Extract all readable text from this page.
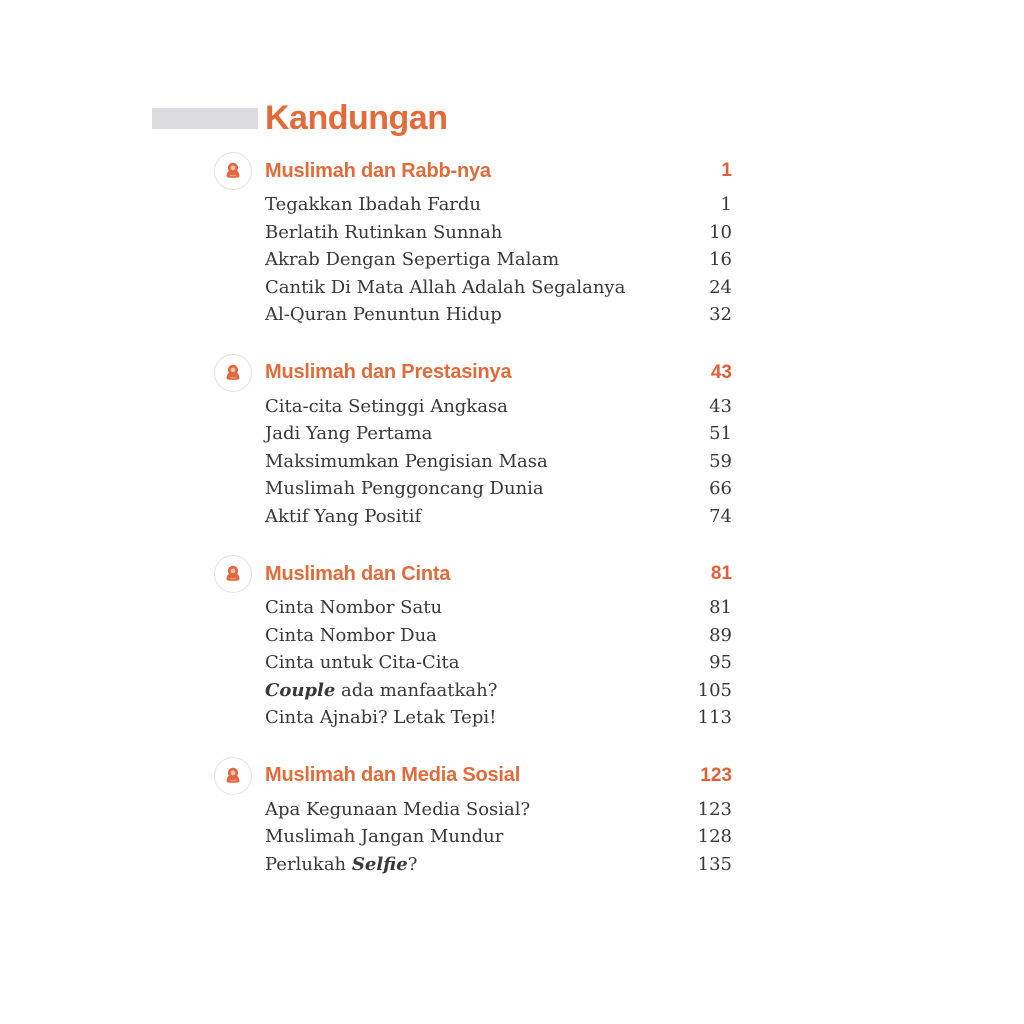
Kandungan
Muslimah dan Rabb-nya	1
Tegakkan Ibadah Fardu	1
Berlatih Rutinkan Sunnah	10
Akrab Dengan Sepertiga Malam	16
Cantik Di Mata Allah Adalah Segalanya	24
Al-Quran Penuntun Hidup	32
Muslimah dan Prestasinya	43
Cita-cita Setinggi Angkasa	43
Jadi Yang Pertama	51
Maksimumkan Pengisian Masa	59
Muslimah Penggoncang Dunia	66
Aktif Yang Positif	74
Muslimah dan Cinta	81
Cinta Nombor Satu	81
Cinta Nombor Dua	89
Cinta untuk Cita-Cita	95
Couple ada manfaatkah?	105
Cinta Ajnabi? Letak Tepi!	113
Muslimah dan Media Sosial	123
Apa Kegunaan Media Sosial?	123
Muslimah Jangan Mundur	128
Perlukah Selfie?	135
